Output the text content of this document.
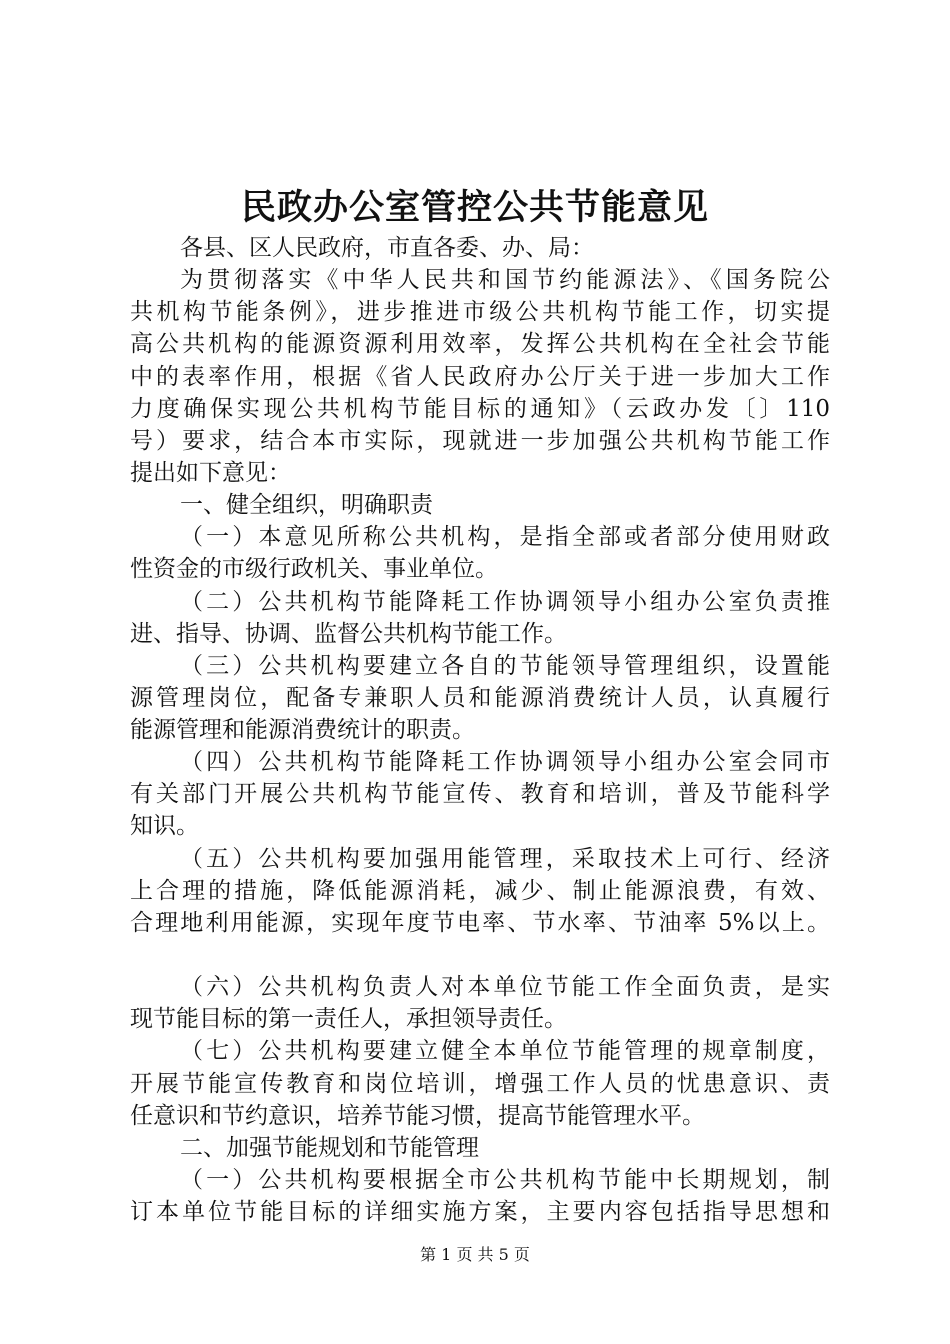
民政办公室管控公共节能意见
各县、区人民政府，市直各委、办、局：
为贯彻落实《中华人民共和国节约能源法》、《国务院公
共机构节能条例》，进步推进市级公共机构节能工作，切实提
高公共机构的能源资源利用效率，发挥公共机构在全社会节能
中的表率作用，根据《省人民政府办公厅关于进一步加大工作
力度确保实现公共机构节能目标的通知》（云政办发〔〕110
号）要求，结合本市实际，现就进一步加强公共机构节能工作
提出如下意见：
一、健全组织，明确职责
（一）本意见所称公共机构，是指全部或者部分使用财政
性资金的市级行政机关、事业单位。
（二）公共机构节能降耗工作协调领导小组办公室负责推
进、指导、协调、监督公共机构节能工作。
（三）公共机构要建立各自的节能领导管理组织，设置能
源管理岗位，配备专兼职人员和能源消费统计人员，认真履行
能源管理和能源消费统计的职责。
（四）公共机构节能降耗工作协调领导小组办公室会同市
有关部门开展公共机构节能宣传、教育和培训，普及节能科学
知识。
（五）公共机构要加强用能管理，采取技术上可行、经济
上合理的措施，降低能源消耗，减少、制止能源浪费，有效、
合理地利用能源，实现年度节电率、节水率、节油率 5%以上。
（六）公共机构负责人对本单位节能工作全面负责，是实
现节能目标的第一责任人，承担领导责任。
（七）公共机构要建立健全本单位节能管理的规章制度，
开展节能宣传教育和岗位培训，增强工作人员的忧患意识、责
任意识和节约意识，培养节能习惯，提高节能管理水平。
二、加强节能规划和节能管理
（一）公共机构要根据全市公共机构节能中长期规划，制
订本单位节能目标的详细实施方案，主要内容包括指导思想和
第 1 页 共 5 页
